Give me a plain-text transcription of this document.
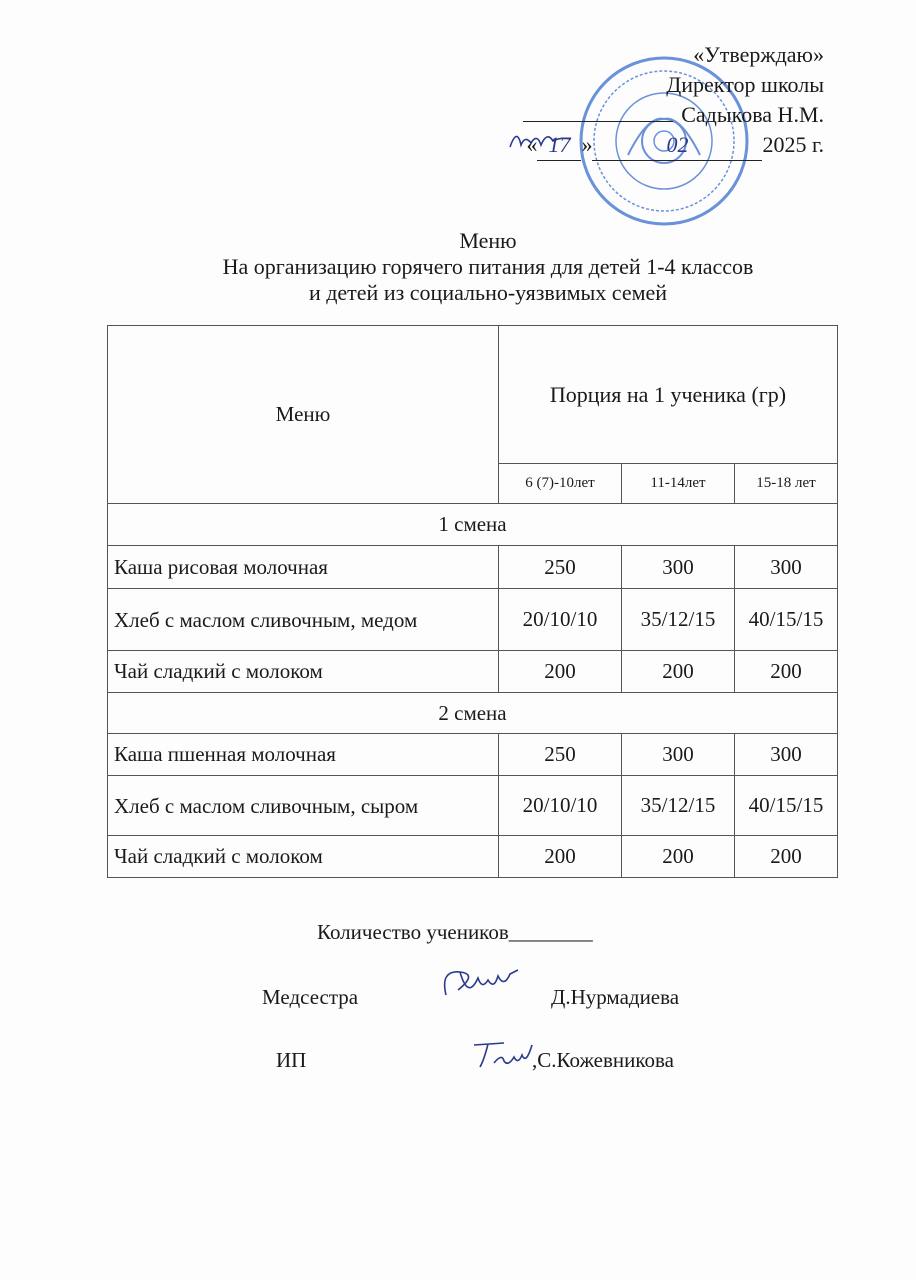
«Утверждаю»
Директор школы
Садыкова Н.М.
« 17 »	02	2025 г.
Меню
На организацию горячего питания для детей 1-4 классов
и детей из социально-уязвимых семей
Меню	Порция на 1 ученика (гр)		
	6 (7)-10лет	11-14лет	15-18 лет
1 смена			
Каша рисовая молочная	250	300	300
Хлеб с маслом сливочным, медом	20/10/10	35/12/15	40/15/15
Чай сладкий с молоком	200	200	200
2 смена			
Каша пшенная молочная	250	300	300
Хлеб с маслом сливочным, сыром	20/10/10	35/12/15	40/15/15
Чай сладкий с молоком	200	200	200
Количество учеников________
Медсестра	Д.Нурмадиева
ИП	,С.Кожевникова
